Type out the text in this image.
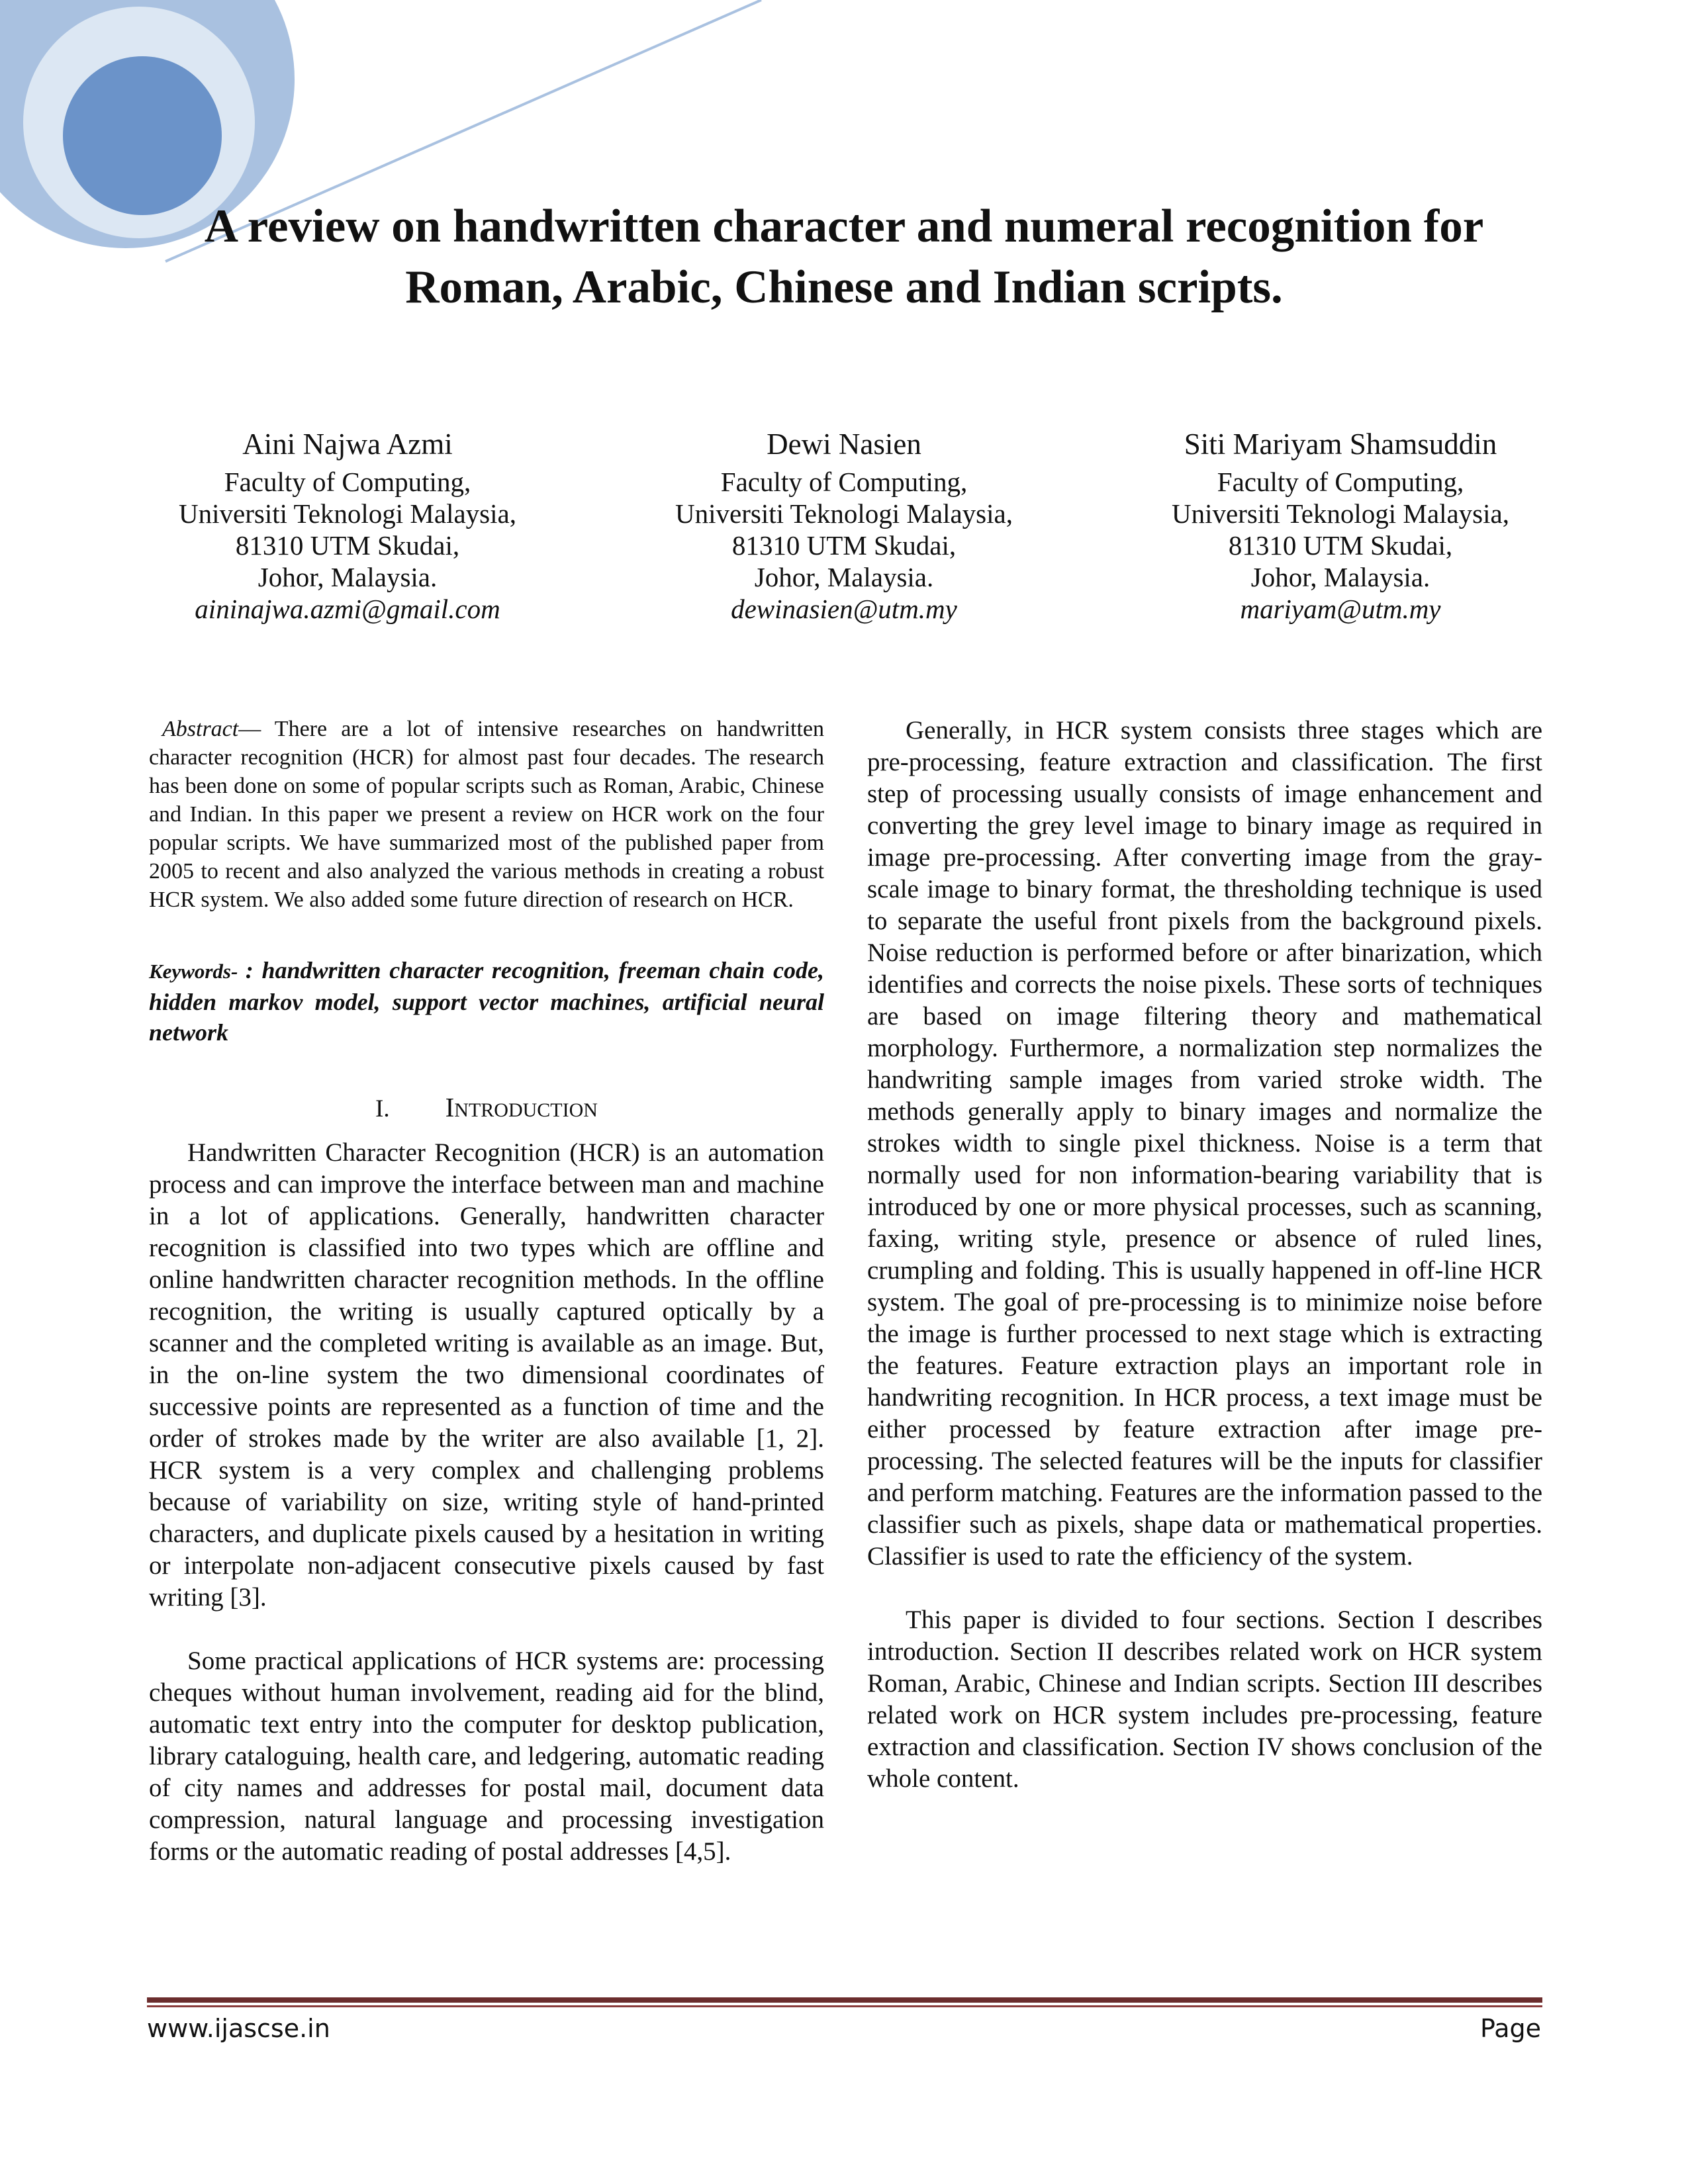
A review on handwritten character and numeral recognition for
Roman, Arabic, Chinese and Indian scripts.
Aini Najwa Azmi
Faculty of Computing,
Universiti Teknologi Malaysia,
81310 UTM Skudai,
Johor, Malaysia.
aininajwa.azmi@gmail.com
Dewi Nasien
Faculty of Computing,
Universiti Teknologi Malaysia,
81310 UTM Skudai,
Johor, Malaysia.
dewinasien@utm.my
Siti Mariyam Shamsuddin
Faculty of Computing,
Universiti Teknologi Malaysia,
81310 UTM Skudai,
Johor, Malaysia.
mariyam@utm.my

Abstract— There are a lot of intensive researches on handwritten character recognition (HCR) for almost past four decades. The research has been done on some of popular scripts such as Roman, Arabic, Chinese and Indian. In this paper we present a review on HCR work on the four popular scripts. We have summarized most of the published paper from 2005 to recent and also analyzed the various methods in creating a robust HCR system. We also added some future direction of research on HCR.

Keywords- : handwritten character recognition, freeman chain code, hidden markov model, support vector machines, artificial neural network

I. INTRODUCTION

Handwritten Character Recognition (HCR) is an automation process and can improve the interface between man and machine in a lot of applications. Generally, handwritten character recognition is classified into two types which are offline and online handwritten character recognition methods. In the offline recognition, the writing is usually captured optically by a scanner and the completed writing is available as an image. But, in the on-line system the two dimensional coordinates of successive points are represented as a function of time and the order of strokes made by the writer are also available [1, 2]. HCR system is a very complex and challenging problems because of variability on size, writing style of hand-printed characters, and duplicate pixels caused by a hesitation in writing or interpolate non-adjacent consecutive pixels caused by fast writing [3].

Some practical applications of HCR systems are: processing cheques without human involvement, reading aid for the blind, automatic text entry into the computer for desktop publication, library cataloguing, health care, and ledgering, automatic reading of city names and addresses for postal mail, document data compression, natural language and processing investigation forms or the automatic reading of postal addresses [4,5].

Generally, in HCR system consists three stages which are pre-processing, feature extraction and classification. The first step of processing usually consists of image enhancement and converting the grey level image to binary image as required in image pre-processing. After converting image from the gray-scale image to binary format, the thresholding technique is used to separate the useful front pixels from the background pixels. Noise reduction is performed before or after binarization, which identifies and corrects the noise pixels. These sorts of techniques are based on image filtering theory and mathematical morphology. Furthermore, a normalization step normalizes the handwriting sample images from varied stroke width. The methods generally apply to binary images and normalize the strokes width to single pixel thickness. Noise is a term that normally used for non information-bearing variability that is introduced by one or more physical processes, such as scanning, faxing, writing style, presence or absence of ruled lines, crumpling and folding. This is usually happened in off-line HCR system. The goal of pre-processing is to minimize noise before the image is further processed to next stage which is extracting the features. Feature extraction plays an important role in handwriting recognition. In HCR process, a text image must be either processed by feature extraction after image pre-processing. The selected features will be the inputs for classifier and perform matching. Features are the information passed to the classifier such as pixels, shape data or mathematical properties. Classifier is used to rate the efficiency of the system.

This paper is divided to four sections. Section I describes introduction. Section II describes related work on HCR system Roman, Arabic, Chinese and Indian scripts. Section III describes related work on HCR system includes pre-processing, feature extraction and classification. Section IV shows conclusion of the whole content.

www.ijascse.in	Page
